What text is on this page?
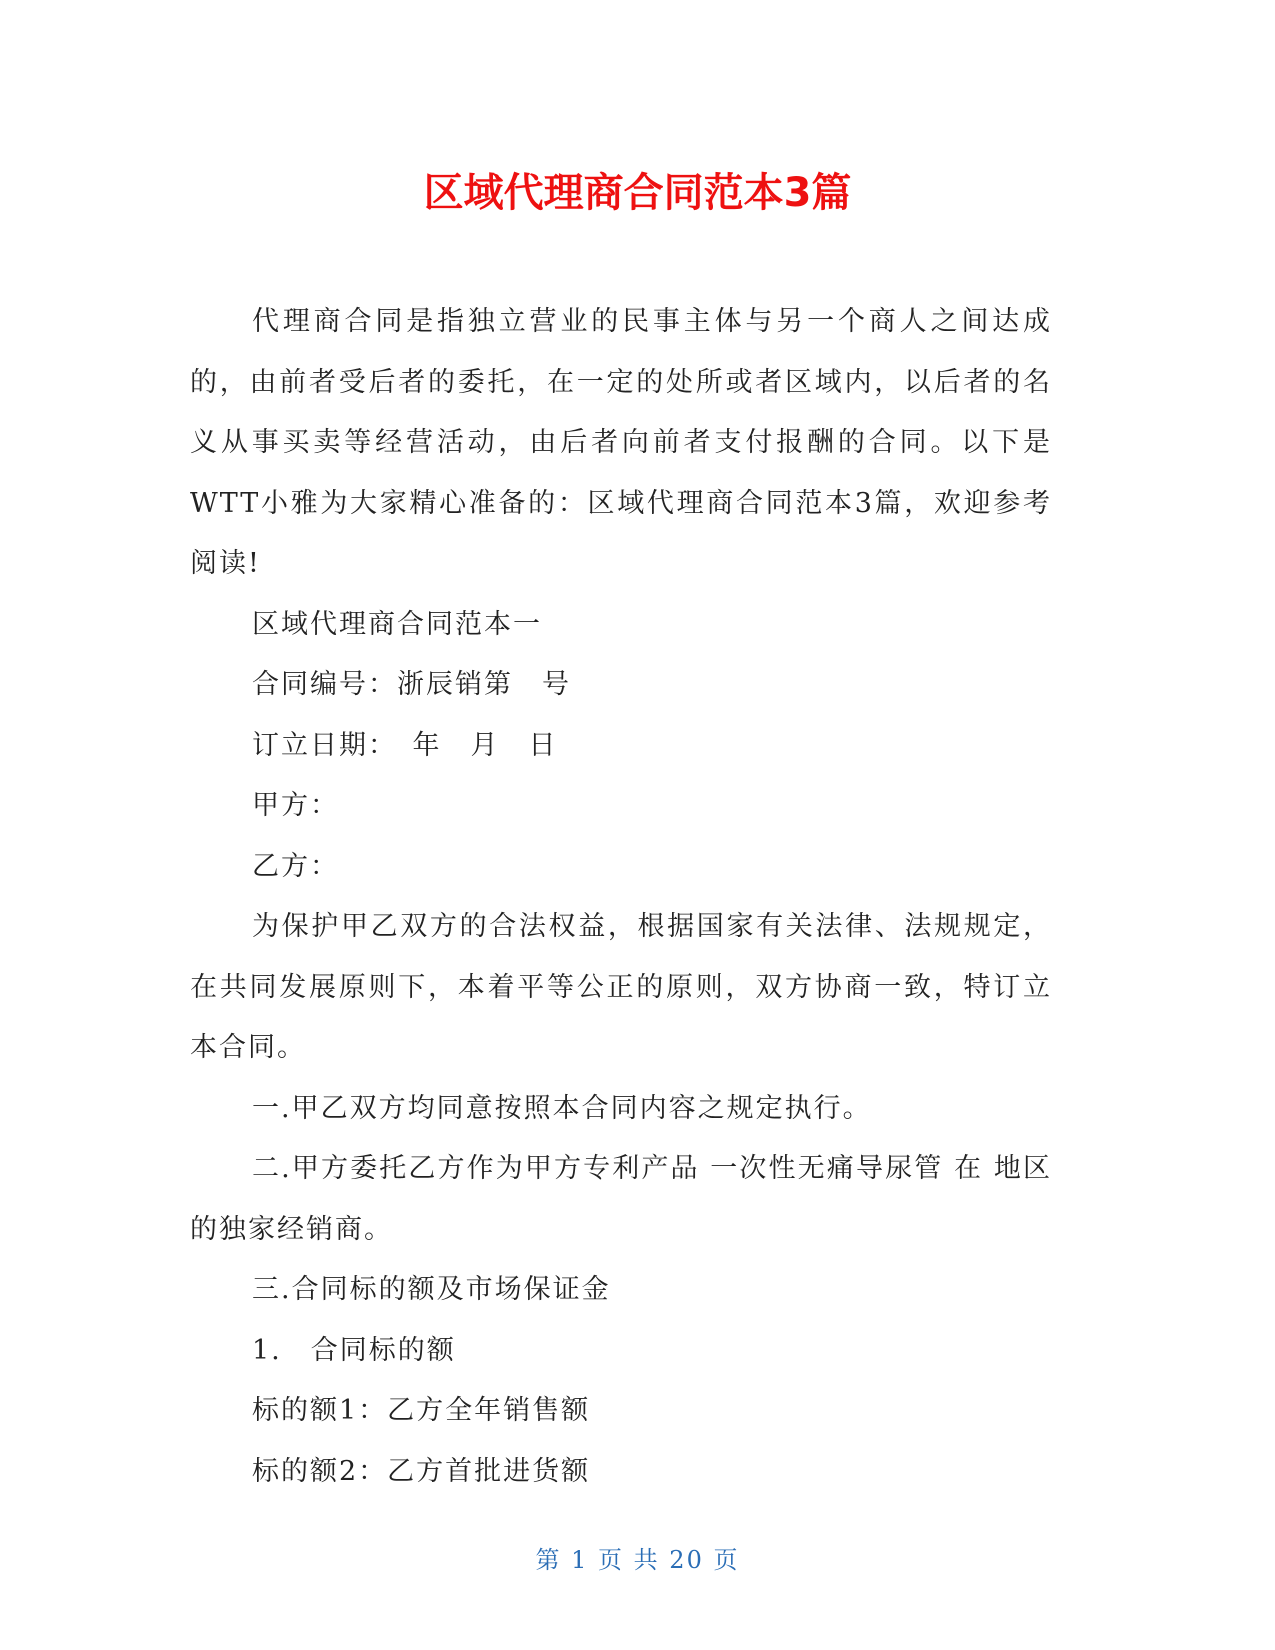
区域代理商合同范本3篇

代理商合同是指独立营业的民事主体与另一个商人之间达成的，由前者受后者的委托，在一定的处所或者区域内，以后者的名义从事买卖等经营活动，由后者向前者支付报酬的合同。以下是WTT小雅为大家精心准备的：区域代理商合同范本3篇，欢迎参考阅读!

区域代理商合同范本一

合同编号：浙辰销第　号

订立日期：　年　月　日

甲方：

乙方：

为保护甲乙双方的合法权益，根据国家有关法律、法规规定，在共同发展原则下，本着平等公正的原则，双方协商一致，特订立本合同。

一.甲乙双方均同意按照本合同内容之规定执行。

二.甲方委托乙方作为甲方专利产品 一次性无痛导尿管 在 地区的独家经销商。

三.合同标的额及市场保证金

1.　合同标的额

标的额1：乙方全年销售额

标的额2：乙方首批进货额

第 1 页 共 20 页
